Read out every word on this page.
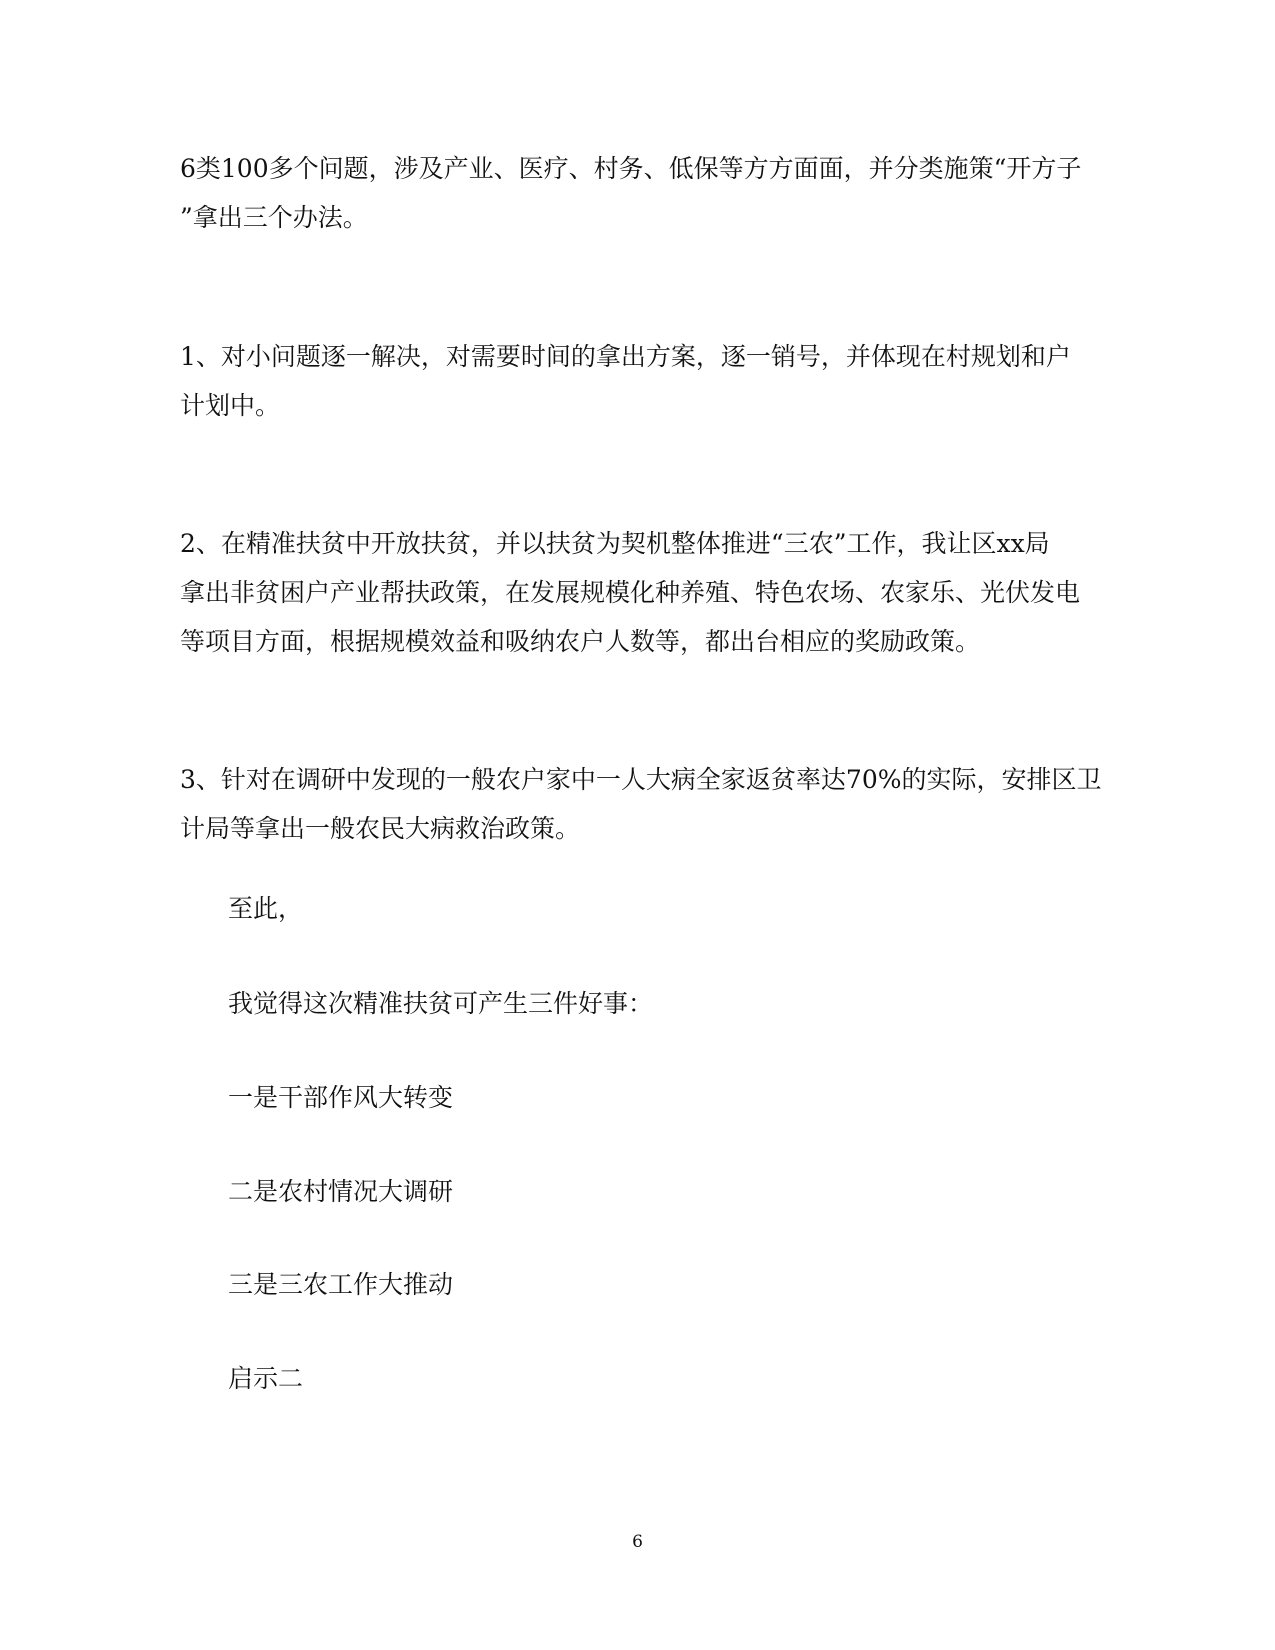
6类100多个问题，涉及产业、医疗、村务、低保等方方面面，并分类施策“开方子
”拿出三个办法。

1、对小问题逐一解决，对需要时间的拿出方案，逐一销号，并体现在村规划和户
计划中。

2、在精准扶贫中开放扶贫，并以扶贫为契机整体推进“三农”工作，我让区xx局
拿出非贫困户产业帮扶政策，在发展规模化种养殖、特色农场、农家乐、光伏发电
等项目方面，根据规模效益和吸纳农户人数等，都出台相应的奖励政策。

3、针对在调研中发现的一般农户家中一人大病全家返贫率达70%的实际，安排区卫
计局等拿出一般农民大病救治政策。

至此，

我觉得这次精准扶贫可产生三件好事：

一是干部作风大转变

二是农村情况大调研

三是三农工作大推动

启示二

6
